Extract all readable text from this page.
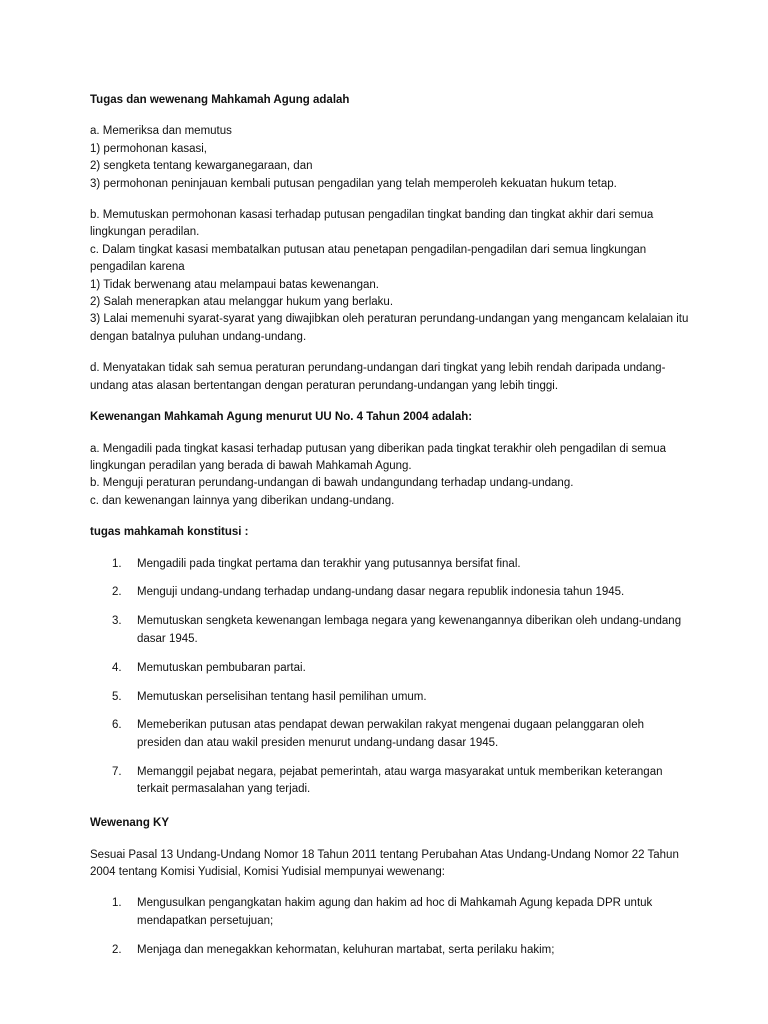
Tugas dan wewenang Mahkamah Agung adalah

a. Memeriksa dan memutus

1) permohonan kasasi,

2) sengketa tentang kewarganegaraan, dan

3) permohonan peninjauan kembali putusan pengadilan yang telah memperoleh kekuatan hukum tetap.

b. Memutuskan permohonan kasasi terhadap putusan pengadilan tingkat banding dan tingkat akhir dari semua lingkungan peradilan.

c. Dalam tingkat kasasi membatalkan putusan atau penetapan pengadilan-pengadilan dari semua lingkungan pengadilan karena

1) Tidak berwenang atau melampaui batas kewenangan.

2) Salah menerapkan atau melanggar hukum yang berlaku.

3) Lalai memenuhi syarat-syarat yang diwajibkan oleh peraturan perundang-undangan yang mengancam kelalaian itu dengan batalnya puluhan undang-undang.

d. Menyatakan tidak sah semua peraturan perundang-undangan dari tingkat yang lebih rendah daripada undang-undang atas alasan bertentangan dengan peraturan perundang-undangan yang lebih tinggi.

Kewenangan Mahkamah Agung menurut UU No. 4 Tahun 2004 adalah:

a. Mengadili pada tingkat kasasi terhadap putusan yang diberikan pada tingkat terakhir oleh pengadilan di semua lingkungan peradilan yang berada di bawah Mahkamah Agung.

b. Menguji peraturan perundang-undangan di bawah undangundang terhadap undang-undang.

c. dan kewenangan lainnya yang diberikan undang-undang.

tugas mahkamah konstitusi :

1. Mengadili pada tingkat pertama dan terakhir yang putusannya bersifat final.
2. Menguji undang-undang terhadap undang-undang dasar negara republik indonesia tahun 1945.
3. Memutuskan sengketa kewenangan lembaga negara yang kewenangannya diberikan oleh undang-undang dasar 1945.
4. Memutuskan pembubaran partai.
5. Memutuskan perselisihan tentang hasil pemilihan umum.
6. Memeberikan putusan atas pendapat dewan perwakilan rakyat mengenai dugaan pelanggaran oleh presiden dan atau wakil presiden menurut undang-undang dasar 1945.
7. Memanggil pejabat negara, pejabat pemerintah, atau warga masyarakat untuk memberikan keterangan terkait permasalahan yang terjadi.

Wewenang KY

Sesuai Pasal 13 Undang-Undang Nomor 18 Tahun 2011 tentang Perubahan Atas Undang-Undang Nomor 22 Tahun 2004 tentang Komisi Yudisial, Komisi Yudisial mempunyai wewenang:

1. Mengusulkan pengangkatan hakim agung dan hakim ad hoc di Mahkamah Agung kepada DPR untuk mendapatkan persetujuan;
2. Menjaga dan menegakkan kehormatan, keluhuran martabat, serta perilaku hakim;
